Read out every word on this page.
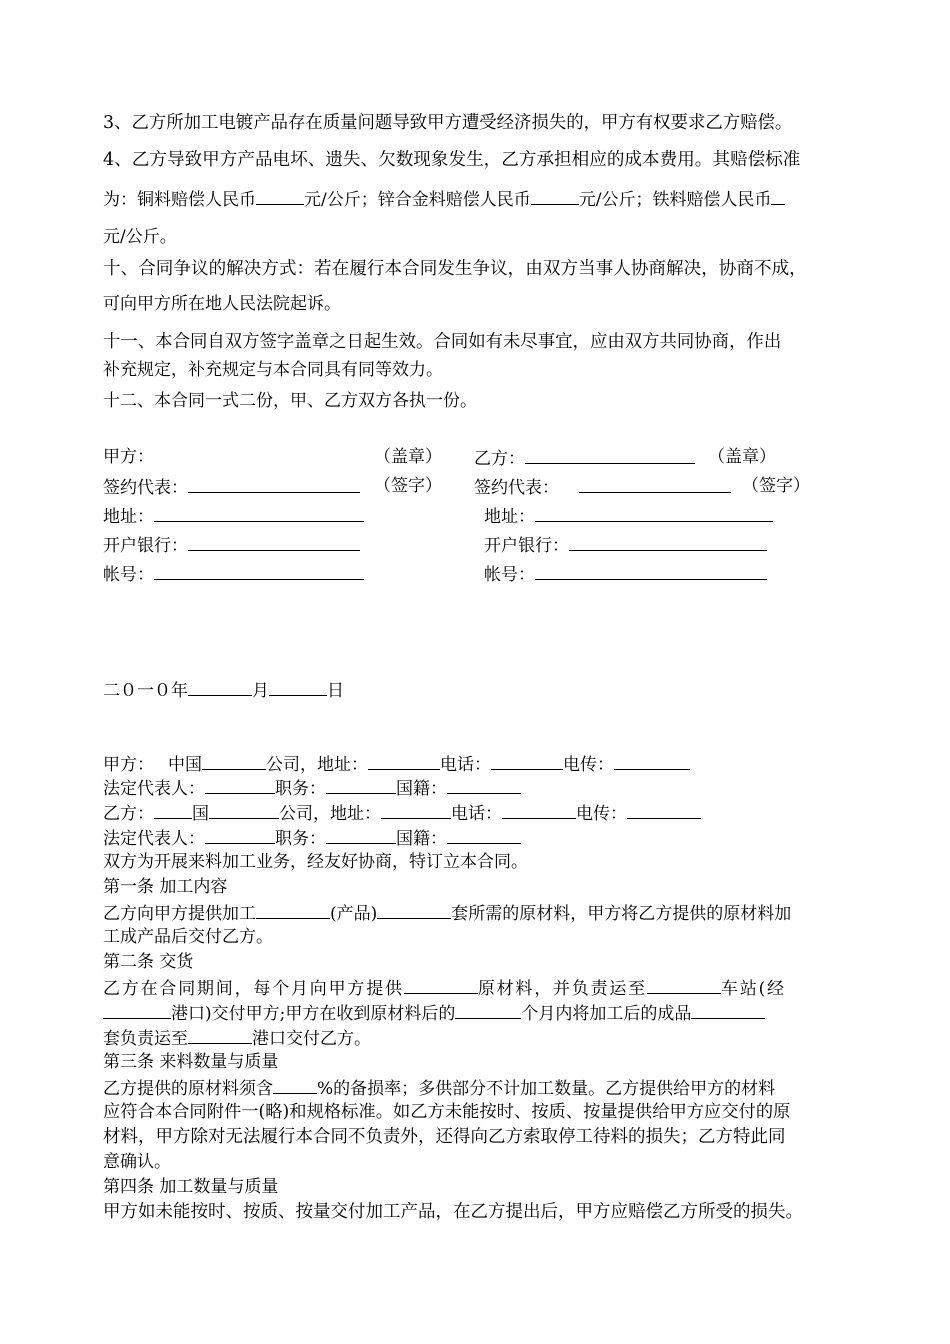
3、乙方所加工电镀产品存在质量问题导致甲方遭受经济损失的，甲方有权要求乙方赔偿。
4、乙方导致甲方产品电坏、遗失、欠数现象发生，乙方承担相应的成本费用。其赔偿标准
为：铜料赔偿人民币	元/公斤；锌合金料赔偿人民币	元/公斤；铁料赔偿人民币
元/公斤。
十、合同争议的解决方式：若在履行本合同发生争议，由双方当事人协商解决，协商不成，
可向甲方所在地人民法院起诉。
十一、本合同自双方签字盖章之日起生效。合同如有未尽事宜，应由双方共同协商，作出
补充规定，补充规定与本合同具有同等效力。
十二、本合同一式二份，甲、乙方双方各执一份。
甲方：	（盖章） 乙方：	（盖章）
签约代表：	（签字） 签约代表：	（签字）
地址：	地址：
开户银行：	开户银行：
帐号：	帐号：
二０一０年	月	日
甲方： 中国	公司，地址：	电话：	电传：
法定代表人：	职务：	国籍：
乙方： 国	公司，地址：	电话：	电传：
法定代表人：	职务：	国籍：
双方为开展来料加工业务，经友好协商，特订立本合同。
第一条 加工内容
乙方向甲方提供加工	(产品)	套所需的原材料，甲方将乙方提供的原材料加
工成产品后交付乙方。
第二条 交货
乙方在合同期间，每个月向甲方提供	原材料，并负责运至	车站(经
港口)交付甲方;甲方在收到原材料后的	个月内将加工后的成品
套负责运至	港口交付乙方。
第三条 来料数量与质量
乙方提供的原材料须含	%的备损率；多供部分不计加工数量。乙方提供给甲方的材料
应符合本合同附件一(略)和规格标准。如乙方未能按时、按质、按量提供给甲方应交付的原
材料，甲方除对无法履行本合同不负责外，还得向乙方索取停工待料的损失；乙方特此同
意确认。
第四条 加工数量与质量
甲方如未能按时、按质、按量交付加工产品，在乙方提出后，甲方应赔偿乙方所受的损失。
